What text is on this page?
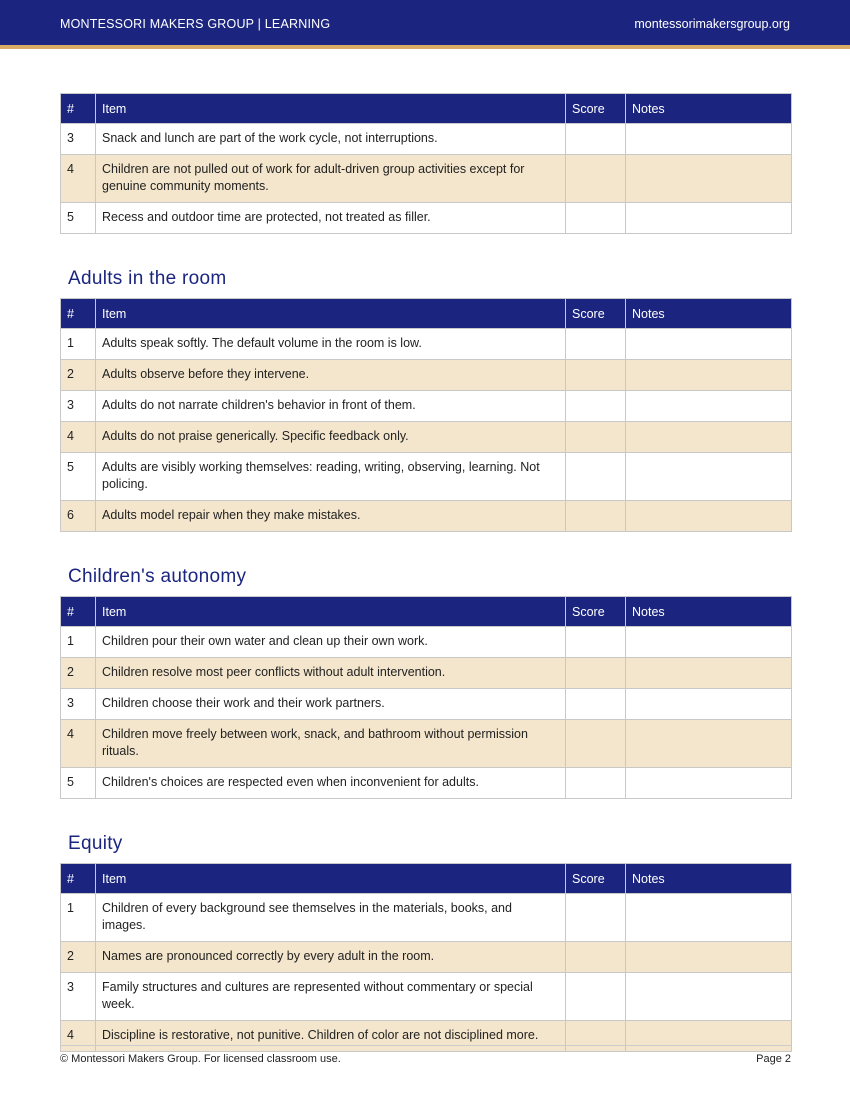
MONTESSORI MAKERS GROUP | LEARNING	montessorimakersgroup.org
#	Item	Score	Notes
3	Snack and lunch are part of the work cycle, not interruptions.		
4	Children are not pulled out of work for adult-driven group activities except for genuine community moments.		
5	Recess and outdoor time are protected, not treated as filler.		
Adults in the room
#	Item	Score	Notes
1	Adults speak softly. The default volume in the room is low.		
2	Adults observe before they intervene.		
3	Adults do not narrate children's behavior in front of them.		
4	Adults do not praise generically. Specific feedback only.		
5	Adults are visibly working themselves: reading, writing, observing, learning. Not policing.		
6	Adults model repair when they make mistakes.		
Children's autonomy
#	Item	Score	Notes
1	Children pour their own water and clean up their own work.		
2	Children resolve most peer conflicts without adult intervention.		
3	Children choose their work and their work partners.		
4	Children move freely between work, snack, and bathroom without permission rituals.		
5	Children's choices are respected even when inconvenient for adults.		
Equity
#	Item	Score	Notes
1	Children of every background see themselves in the materials, books, and images.		
2	Names are pronounced correctly by every adult in the room.		
3	Family structures and cultures are represented without commentary or special week.		
4	Discipline is restorative, not punitive. Children of color are not disciplined more.		
© Montessori Makers Group. For licensed classroom use.	Page 2
